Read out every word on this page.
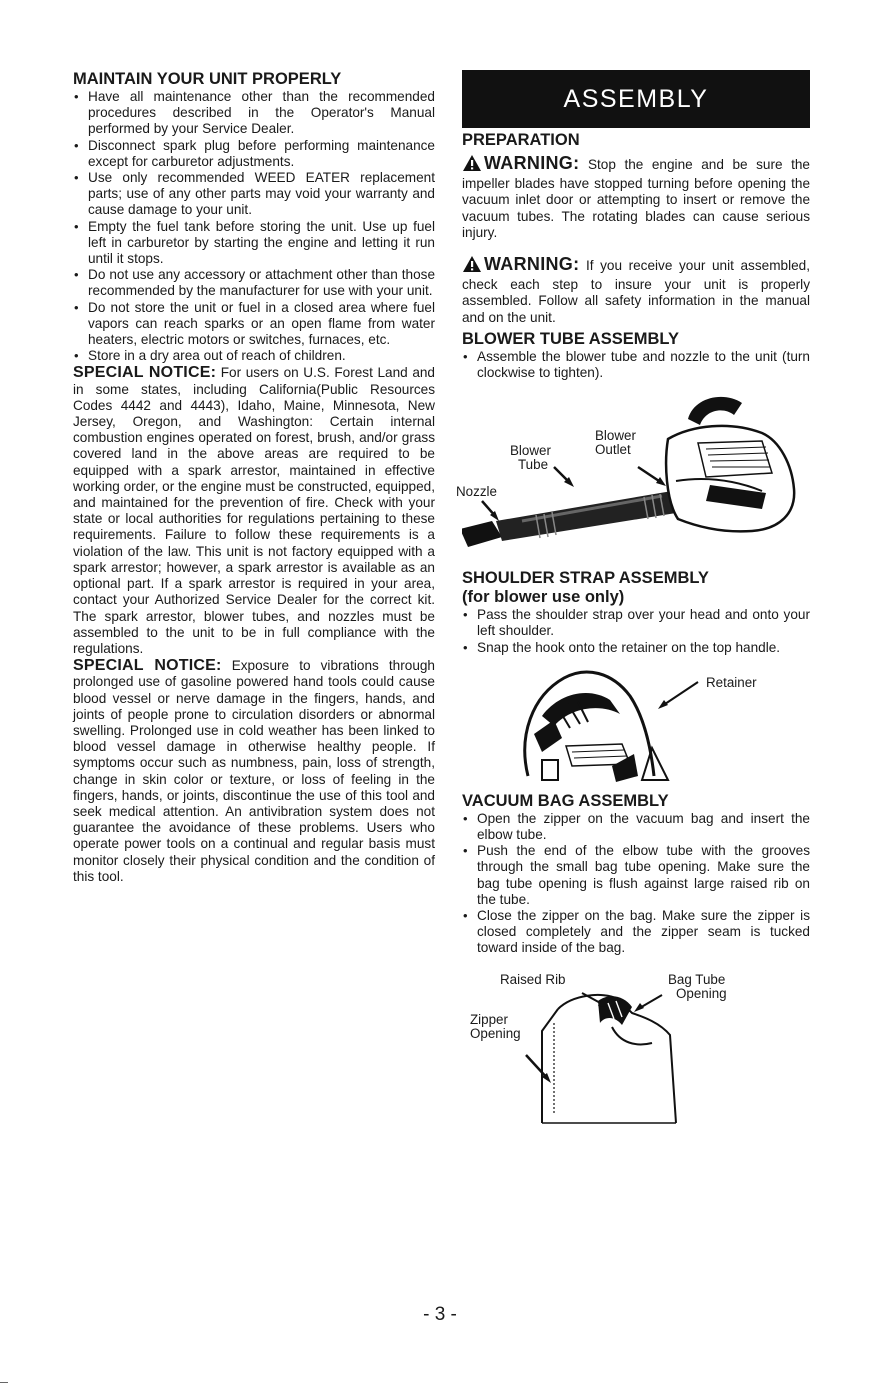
MAINTAIN YOUR UNIT PROPERLY
• Have all maintenance other than the recommended procedures described in the Operator's Manual performed by your Service Dealer.
• Disconnect spark plug before performing maintenance except for carburetor adjustments.
• Use only recommended WEED EATER replacement parts; use of any other parts may void your warranty and cause damage to your unit.
• Empty the fuel tank before storing the unit. Use up fuel left in carburetor by starting the engine and letting it run until it stops.
• Do not use any accessory or attachment other than those recommended by the manufacturer for use with your unit.
• Do not store the unit or fuel in a closed area where fuel vapors can reach sparks or an open flame from water heaters, electric motors or switches, furnaces, etc.
• Store in a dry area out of reach of children.

SPECIAL NOTICE: For users on U.S. Forest Land and in some states, including California(Public Resources Codes 4442 and 4443), Idaho, Maine, Minnesota, New Jersey, Oregon, and Washington: Certain internal combustion engines operated on forest, brush, and/or grass covered land in the above areas are required to be equipped with a spark arrestor, maintained in effective working order, or the engine must be constructed, equipped, and maintained for the prevention of fire. Check with your state or local authorities for regulations pertaining to these requirements. Failure to follow these requirements is a violation of the law. This unit is not factory equipped with a spark arrestor; however, a spark arrestor is available as an optional part. If a spark arrestor is required in your area, contact your Authorized Service Dealer for the correct kit. The spark arrestor, blower tubes, and nozzles must be assembled to the unit to be in full compliance with the regulations.

SPECIAL NOTICE: Exposure to vibrations through prolonged use of gasoline powered hand tools could cause blood vessel or nerve damage in the fingers, hands, and joints of people prone to circulation disorders or abnormal swelling. Prolonged use in cold weather has been linked to blood vessel damage in otherwise healthy people. If symptoms occur such as numbness, pain, loss of strength, change in skin color or texture, or loss of feeling in the fingers, hands, or joints, discontinue the use of this tool and seek medical attention. An antivibration system does not guarantee the avoidance of these problems. Users who operate power tools on a continual and regular basis must monitor closely their physical condition and the condition of this tool.

ASSEMBLY
PREPARATION

WARNING: Stop the engine and be sure the impeller blades have stopped turning before opening the vacuum inlet door or attempting to insert or remove the vacuum tubes. The rotating blades can cause serious injury.

WARNING: If you receive your unit assembled, check each step to insure your unit is properly assembled. Follow all safety information in the manual and on the unit.

BLOWER TUBE ASSEMBLY
• Assemble the blower tube and nozzle to the unit (turn clockwise to tighten).
Blower
Outlet
Blower
Tube
Nozzle
SHOULDER STRAP ASSEMBLY
(for blower use only)
• Pass the shoulder strap over your head and onto your left shoulder.
• Snap the hook onto the retainer on the top handle.
Retainer
VACUUM BAG ASSEMBLY
• Open the zipper on the vacuum bag and insert the elbow tube.
• Push the end of the elbow tube with the grooves through the small bag tube opening. Make sure the bag tube opening is flush against large raised rib on the tube.
• Close the zipper on the bag. Make sure the zipper is closed completely and the zipper seam is tucked toward inside of the bag.
Raised Rib	Bag Tube
Opening
Zipper
Opening
- 3 -
